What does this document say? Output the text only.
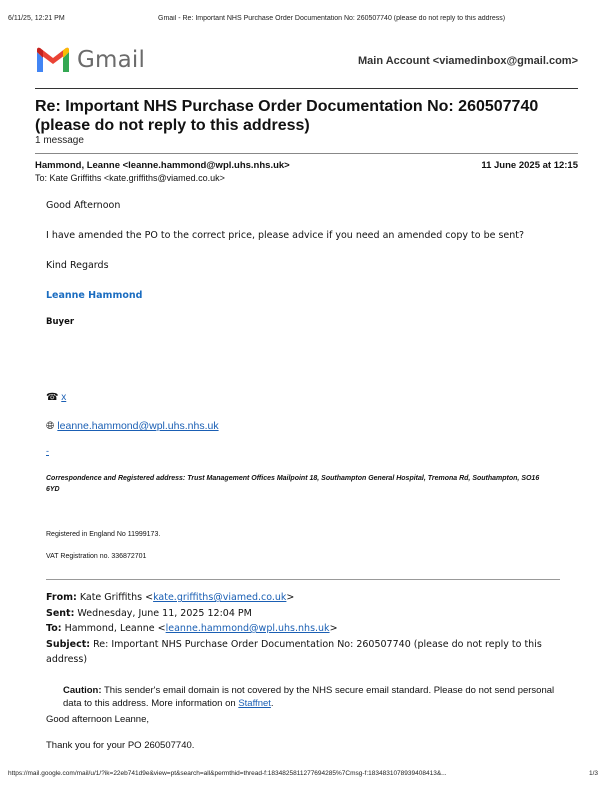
6/11/25, 12:21 PM	Gmail - Re: Important NHS Purchase Order Documentation No: 260507740 (please do not reply to this address)
Gmail	Main Account <viamedinbox@gmail.com>
Re: Important NHS Purchase Order Documentation No: 260507740 (please do not reply to this address)
1 message
Hammond, Leanne <leanne.hammond@wpl.uhs.nhs.uk>	11 June 2025 at 12:15
To: Kate Griffiths <kate.griffiths@viamed.co.uk>
Good Afternoon
I have amended the PO to the correct price, please advice if you need an amended copy to be sent?
Kind Regards
Leanne Hammond
Buyer
☎ x
🌐︎ leanne.hammond@wpl.uhs.nhs.uk
-
Correspondence and Registered address: Trust Management Offices Mailpoint 18, Southampton General Hospital, Tremona Rd, Southampton, SO16 6YD
Registered in England No 11999173.
VAT Registration no. 336872701
From: Kate Griffiths <kate.griffiths@viamed.co.uk>
Sent: Wednesday, June 11, 2025 12:04 PM
To: Hammond, Leanne <leanne.hammond@wpl.uhs.nhs.uk>
Subject: Re: Important NHS Purchase Order Documentation No: 260507740 (please do not reply to this address)
Caution: This sender's email domain is not covered by the NHS secure email standard. Please do not send personal data to this address. More information on Staffnet.
Good afternoon Leanne,
Thank you for your PO 260507740.
https://mail.google.com/mail/u/1/?ik=22eb741d9e&view=pt&search=all&permthid=thread-f:1834825811277694285%7Cmsg-f:1834831078939408413&...	1/3
